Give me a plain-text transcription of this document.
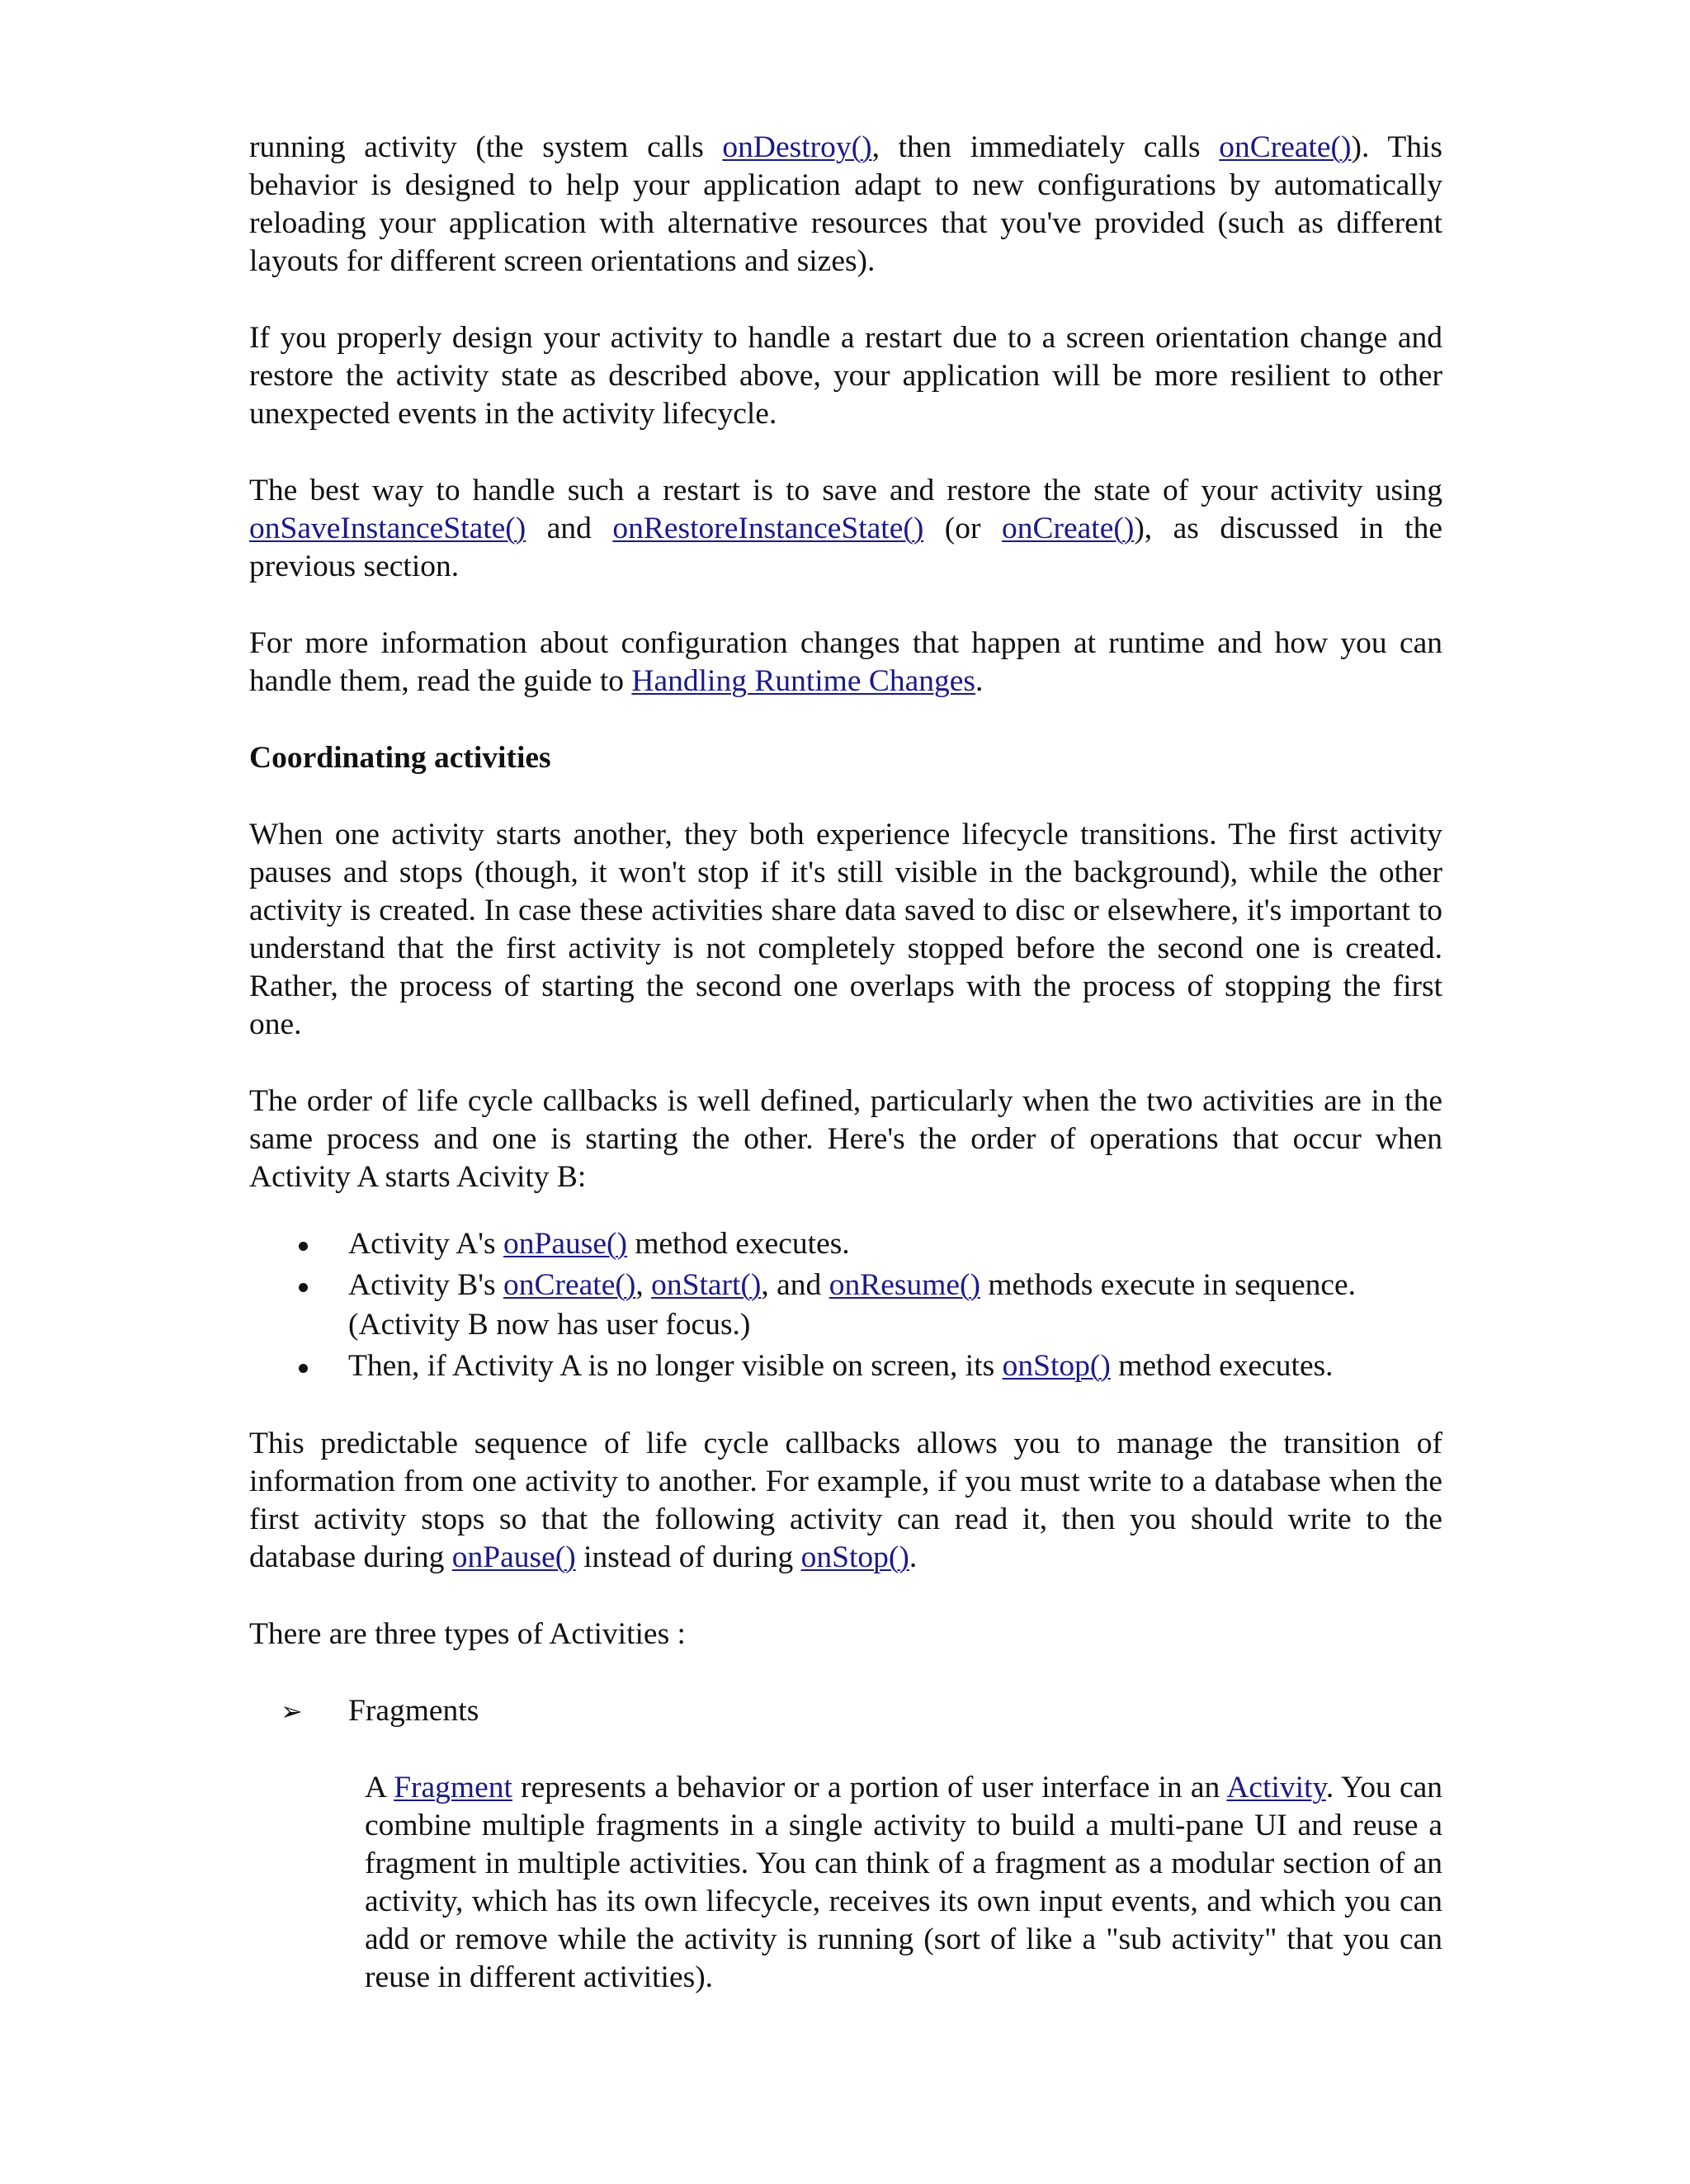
running activity (the system calls onDestroy(), then immediately calls onCreate()). This behavior is designed to help your application adapt to new configurations by automatically reloading your application with alternative resources that you've provided (such as different layouts for different screen orientations and sizes).

If you properly design your activity to handle a restart due to a screen orientation change and restore the activity state as described above, your application will be more resilient to other unexpected events in the activity lifecycle.

The best way to handle such a restart is to save and restore the state of your activity using onSaveInstanceState() and onRestoreInstanceState() (or onCreate()), as discussed in the previous section.

For more information about configuration changes that happen at runtime and how you can handle them, read the guide to Handling Runtime Changes.

Coordinating activities

When one activity starts another, they both experience lifecycle transitions. The first activity pauses and stops (though, it won't stop if it's still visible in the background), while the other activity is created. In case these activities share data saved to disc or elsewhere, it's important to understand that the first activity is not completely stopped before the second one is created. Rather, the process of starting the second one overlaps with the process of stopping the first one.

The order of life cycle callbacks is well defined, particularly when the two activities are in the same process and one is starting the other. Here's the order of operations that occur when Activity A starts Acivity B:

Activity A's onPause() method executes.
Activity B's onCreate(), onStart(), and onResume() methods execute in sequence. (Activity B now has user focus.)
Then, if Activity A is no longer visible on screen, its onStop() method executes.

This predictable sequence of life cycle callbacks allows you to manage the transition of information from one activity to another. For example, if you must write to a database when the first activity stops so that the following activity can read it, then you should write to the database during onPause() instead of during onStop().

There are three types of Activities :

➢ Fragments

A Fragment represents a behavior or a portion of user interface in an Activity. You can combine multiple fragments in a single activity to build a multi-pane UI and reuse a fragment in multiple activities. You can think of a fragment as a modular section of an activity, which has its own lifecycle, receives its own input events, and which you can add or remove while the activity is running (sort of like a "sub activity" that you can reuse in different activities).
